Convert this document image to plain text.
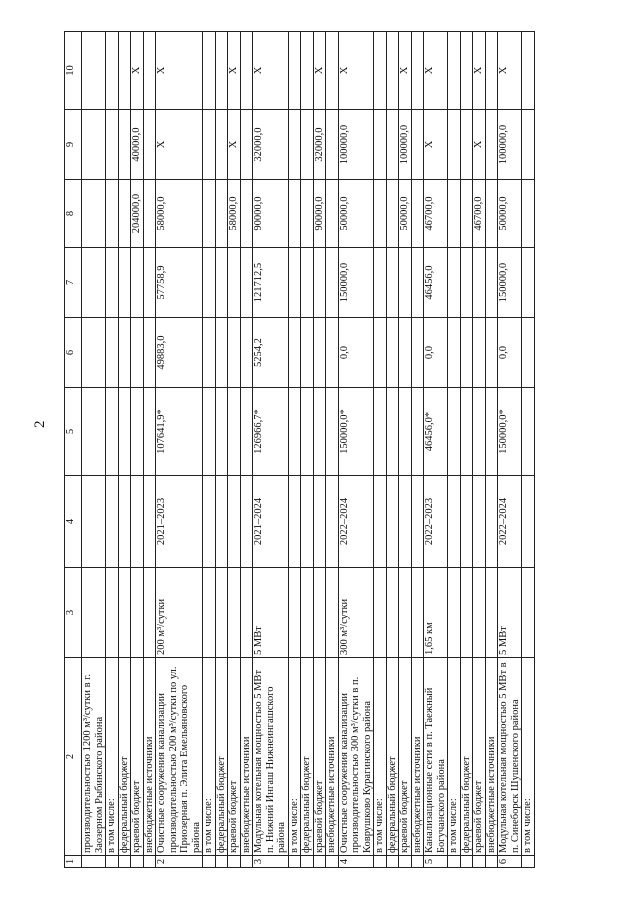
2
1	2	3	4	5	6	7	8	9	10
	производительностью 1200 м³/сутки в г. Заозерном Рыбинского района								
	в том числе:								
	федеральный бюджет								
	краевой бюджет						204000,0	40000,0	Х
	внебюджетные источники								
2	Очистные сооружения канализации производительностью 200 м³/сутки по ул. Приозерная п. Элита Емельяновского района	200 м³/сутки	2021–2023	107641,9*	49883,0	57758,9	58000,0	Х	Х
	в том числе:								
	федеральный бюджет								
	краевой бюджет						58000,0	Х	Х
	внебюджетные источники								
3	Модульная котельная мощностью 5 МВт п. Нижний Ингаш Нижнеингашского района	5 МВт	2021–2024	126966,7*	5254,2	121712,5	90000,0	32000,0	Х
	в том числе:								
	федеральный бюджет								
	краевой бюджет						90000,0	32000,0	Х
	внебюджетные источники								
4	Очистные сооружения канализации производительностью 300 м³/сутки в п. Коврушково Курагинского района	300 м³/сутки	2022–2024	150000,0*	0,0	150000,0	50000,0	100000,0	Х
	в том числе:								
	федеральный бюджет								
	краевой бюджет						50000,0	100000,0	Х
	внебюджетные источники								
5	Канализационные сети в п. Таежный Богучанского района	1,65 км	2022–2023	46456,0*	0,0	46456,0	46700,0	Х	Х
	в том числе:								
	федеральный бюджет								
	краевой бюджет						46700,0	Х	Х
	внебюджетные источники								
6	Модульная котельная мощностью 5 МВт в п. Синеборск Шушенского района	5 МВт	2022–2024	150000,0*	0,0	150000,0	50000,0	100000,0	Х
	в том числе:								
